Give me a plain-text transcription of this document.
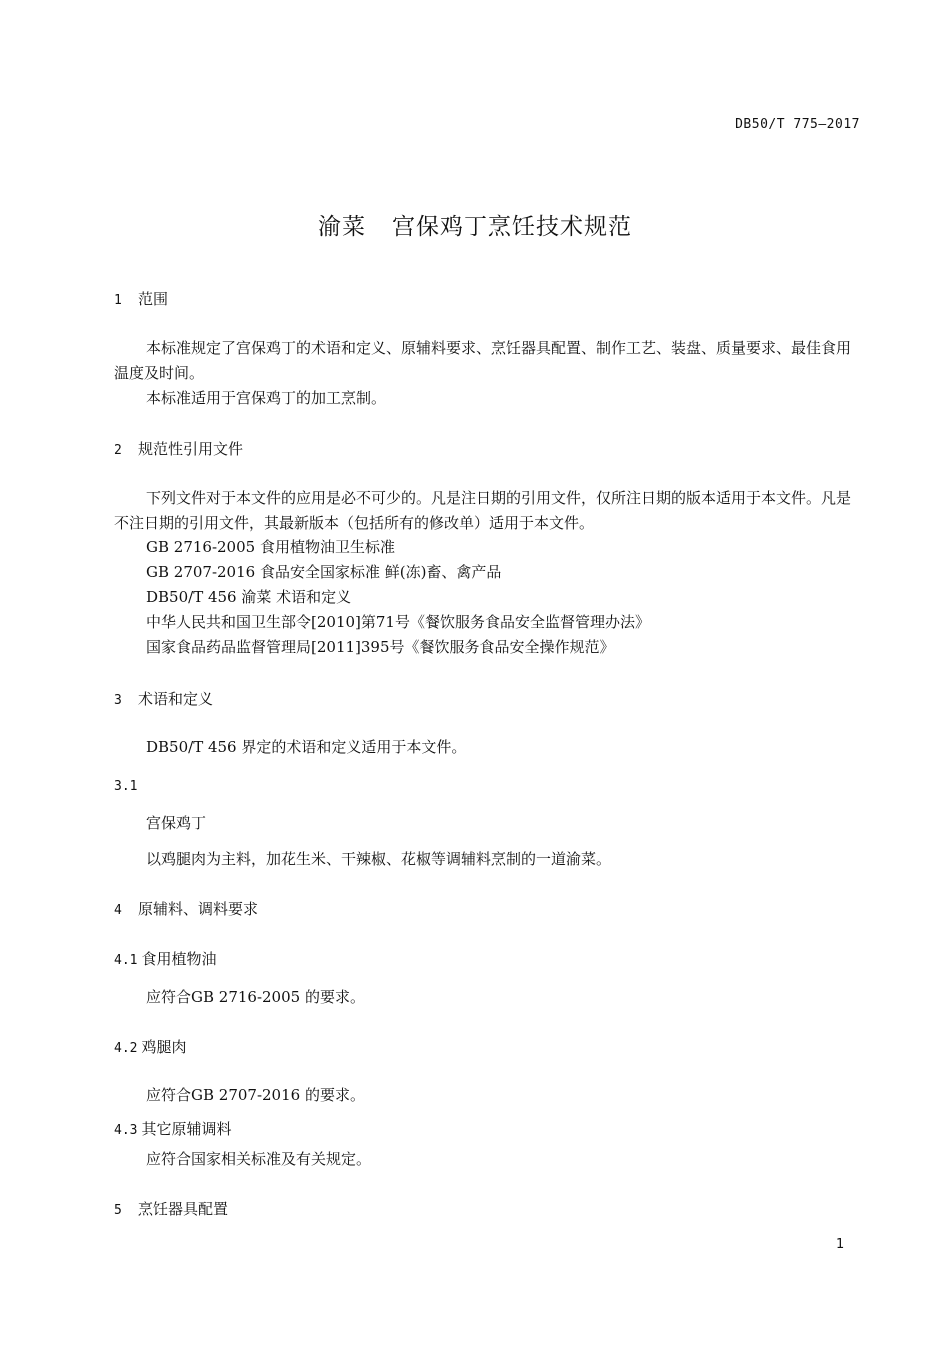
DB50/T 775—2017
渝菜 宫保鸡丁烹饪技术规范
1 范围
本标准规定了宫保鸡丁的术语和定义、原辅料要求、烹饪器具配置、制作工艺、装盘、质量要求、最佳食用温度及时间。
本标准适用于宫保鸡丁的加工烹制。
2 规范性引用文件
下列文件对于本文件的应用是必不可少的。凡是注日期的引用文件，仅所注日期的版本适用于本文件。凡是不注日期的引用文件，其最新版本（包括所有的修改单）适用于本文件。
GB 2716-2005 食用植物油卫生标准
GB 2707-2016 食品安全国家标准 鲜(冻)畜、禽产品
DB50/T 456 渝菜 术语和定义
中华人民共和国卫生部令[2010]第71号《餐饮服务食品安全监督管理办法》
国家食品药品监督管理局[2011]395号《餐饮服务食品安全操作规范》
3 术语和定义
DB50/T 456 界定的术语和定义适用于本文件。
3.1
宫保鸡丁
以鸡腿肉为主料，加花生米、干辣椒、花椒等调辅料烹制的一道渝菜。
4 原辅料、调料要求
4.1 食用植物油
应符合GB 2716-2005 的要求。
4.2 鸡腿肉
应符合GB 2707-2016 的要求。
4.3 其它原辅调料
应符合国家相关标准及有关规定。
5 烹饪器具配置
1
